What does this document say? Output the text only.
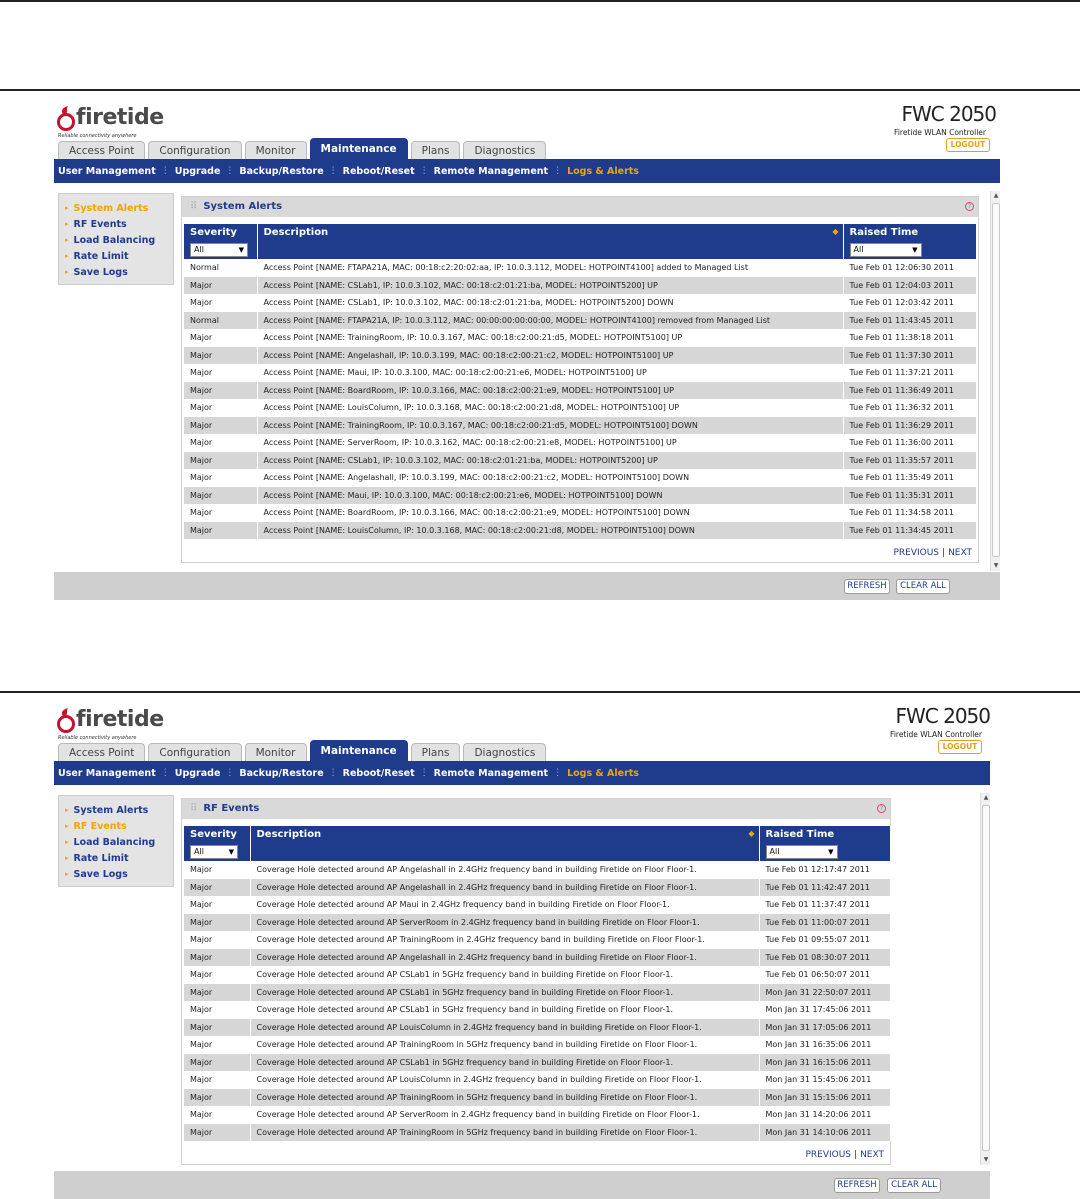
firetide
Reliable connectivity anywhere
FWC 2050
Firetide WLAN Controller
LOGOUT
Access Point	Configuration	Monitor	Maintenance	Plans	Diagnostics
User Management ⋮ Upgrade ⋮ Backup/Restore ⋮ Reboot/Reset ⋮ Remote Management ⋮ Logs & Alerts
▸ System Alerts
▸ RF Events
▸ Load Balancing
▸ Rate Limit
▸ Save Logs
⠿ System Alerts	?
Severity	Description ◆	Raised Time

All ▼		All ▼

Normal	Access Point [NAME: FTAPA21A, MAC: 00:18:c2:20:02:aa, IP: 10.0.3.112, MODEL: HOTPOINT4100] added to Managed List	Tue Feb 01 12:06:30 2011
Major	Access Point [NAME: CSLab1, IP: 10.0.3.102, MAC: 00:18:c2:01:21:ba, MODEL: HOTPOINT5200] UP	Tue Feb 01 12:04:03 2011
Major	Access Point [NAME: CSLab1, IP: 10.0.3.102, MAC: 00:18:c2:01:21:ba, MODEL: HOTPOINT5200] DOWN	Tue Feb 01 12:03:42 2011
Normal	Access Point [NAME: FTAPA21A, IP: 10.0.3.112, MAC: 00:00:00:00:00:00, MODEL: HOTPOINT4100] removed from Managed List	Tue Feb 01 11:43:45 2011
Major	Access Point [NAME: TrainingRoom, IP: 10.0.3.167, MAC: 00:18:c2:00:21:d5, MODEL: HOTPOINT5100] UP	Tue Feb 01 11:38:18 2011
Major	Access Point [NAME: Angelashall, IP: 10.0.3.199, MAC: 00:18:c2:00:21:c2, MODEL: HOTPOINT5100] UP	Tue Feb 01 11:37:30 2011
Major	Access Point [NAME: Maui, IP: 10.0.3.100, MAC: 00:18:c2:00:21:e6, MODEL: HOTPOINT5100] UP	Tue Feb 01 11:37:21 2011
Major	Access Point [NAME: BoardRoom, IP: 10.0.3.166, MAC: 00:18:c2:00:21:e9, MODEL: HOTPOINT5100] UP	Tue Feb 01 11:36:49 2011
Major	Access Point [NAME: LouisColumn, IP: 10.0.3.168, MAC: 00:18:c2:00:21:d8, MODEL: HOTPOINT5100] UP	Tue Feb 01 11:36:32 2011
Major	Access Point [NAME: TrainingRoom, IP: 10.0.3.167, MAC: 00:18:c2:00:21:d5, MODEL: HOTPOINT5100] DOWN	Tue Feb 01 11:36:29 2011
Major	Access Point [NAME: ServerRoom, IP: 10.0.3.162, MAC: 00:18:c2:00:21:e8, MODEL: HOTPOINT5100] UP	Tue Feb 01 11:36:00 2011
Major	Access Point [NAME: CSLab1, IP: 10.0.3.102, MAC: 00:18:c2:01:21:ba, MODEL: HOTPOINT5200] UP	Tue Feb 01 11:35:57 2011
Major	Access Point [NAME: Angelashall, IP: 10.0.3.199, MAC: 00:18:c2:00:21:c2, MODEL: HOTPOINT5100] DOWN	Tue Feb 01 11:35:49 2011
Major	Access Point [NAME: Maui, IP: 10.0.3.100, MAC: 00:18:c2:00:21:e6, MODEL: HOTPOINT5100] DOWN	Tue Feb 01 11:35:31 2011
Major	Access Point [NAME: BoardRoom, IP: 10.0.3.166, MAC: 00:18:c2:00:21:e9, MODEL: HOTPOINT5100] DOWN	Tue Feb 01 11:34:58 2011
Major	Access Point [NAME: LouisColumn, IP: 10.0.3.168, MAC: 00:18:c2:00:21:d8, MODEL: HOTPOINT5100] DOWN	Tue Feb 01 11:34:45 2011
PREVIOUS | NEXT
▲
▼
REFRESH	CLEAR ALL
firetide
Reliable connectivity anywhere
FWC 2050
Firetide WLAN Controller
LOGOUT
Access Point	Configuration	Monitor	Maintenance	Plans	Diagnostics
User Management ⋮ Upgrade ⋮ Backup/Restore ⋮ Reboot/Reset ⋮ Remote Management ⋮ Logs & Alerts
▸ System Alerts
▸ RF Events
▸ Load Balancing
▸ Rate Limit
▸ Save Logs
⠿ RF Events	?
Severity	Description ◆	Raised Time

All ▼		All ▼

Major	Coverage Hole detected around AP Angelashall in 2.4GHz frequency band in building Firetide on Floor Floor-1.	Tue Feb 01 12:17:47 2011
Major	Coverage Hole detected around AP Angelashall in 2.4GHz frequency band in building Firetide on Floor Floor-1.	Tue Feb 01 11:42:47 2011
Major	Coverage Hole detected around AP Maui in 2.4GHz frequency band in building Firetide on Floor Floor-1.	Tue Feb 01 11:37:47 2011
Major	Coverage Hole detected around AP ServerRoom in 2.4GHz frequency band in building Firetide on Floor Floor-1.	Tue Feb 01 11:00:07 2011
Major	Coverage Hole detected around AP TrainingRoom in 2.4GHz frequency band in building Firetide on Floor Floor-1.	Tue Feb 01 09:55:07 2011
Major	Coverage Hole detected around AP Angelashall in 2.4GHz frequency band in building Firetide on Floor Floor-1.	Tue Feb 01 08:30:07 2011
Major	Coverage Hole detected around AP CSLab1 in 5GHz frequency band in building Firetide on Floor Floor-1.	Tue Feb 01 06:50:07 2011
Major	Coverage Hole detected around AP CSLab1 in 5GHz frequency band in building Firetide on Floor Floor-1.	Mon Jan 31 22:50:07 2011
Major	Coverage Hole detected around AP CSLab1 in 5GHz frequency band in building Firetide on Floor Floor-1.	Mon Jan 31 17:45:06 2011
Major	Coverage Hole detected around AP LouisColumn in 2.4GHz frequency band in building Firetide on Floor Floor-1.	Mon Jan 31 17:05:06 2011
Major	Coverage Hole detected around AP TrainingRoom in 5GHz frequency band in building Firetide on Floor Floor-1.	Mon Jan 31 16:35:06 2011
Major	Coverage Hole detected around AP CSLab1 in 5GHz frequency band in building Firetide on Floor Floor-1.	Mon Jan 31 16:15:06 2011
Major	Coverage Hole detected around AP LouisColumn in 2.4GHz frequency band in building Firetide on Floor Floor-1.	Mon Jan 31 15:45:06 2011
Major	Coverage Hole detected around AP TrainingRoom in 5GHz frequency band in building Firetide on Floor Floor-1.	Mon Jan 31 15:15:06 2011
Major	Coverage Hole detected around AP ServerRoom in 2.4GHz frequency band in building Firetide on Floor Floor-1.	Mon Jan 31 14:20:06 2011
Major	Coverage Hole detected around AP TrainingRoom in 5GHz frequency band in building Firetide on Floor Floor-1.	Mon Jan 31 14:10:06 2011
PREVIOUS | NEXT
▲
▼
REFRESH	CLEAR ALL
